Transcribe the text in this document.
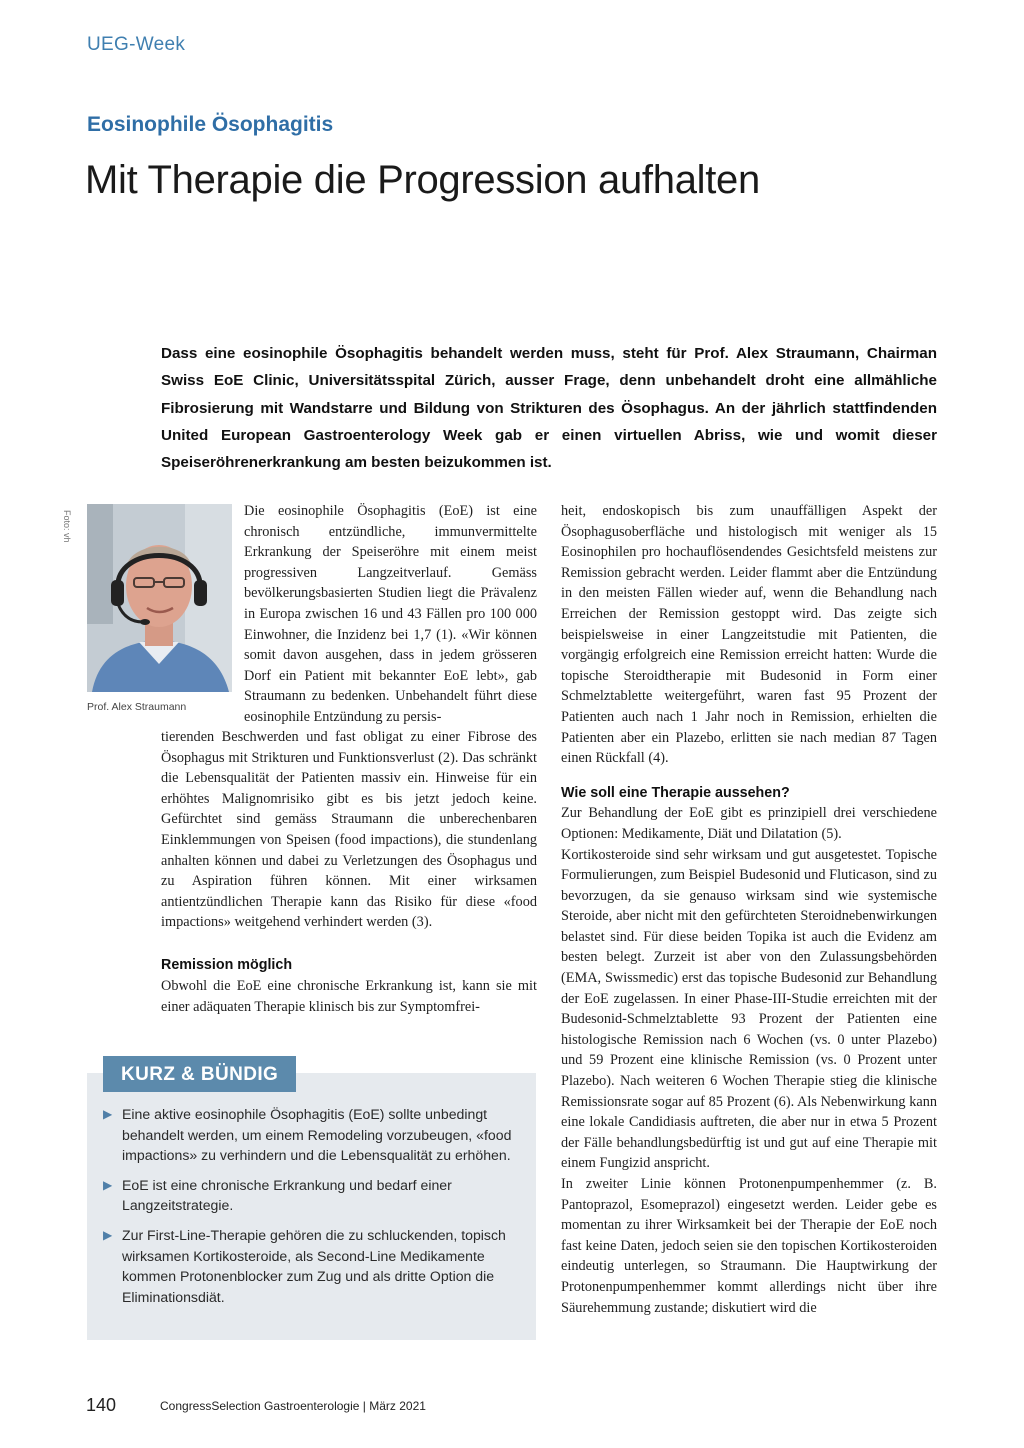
UEG-Week
Eosinophile Ösophagitis
Mit Therapie die Progression aufhalten
Dass eine eosinophile Ösophagitis behandelt werden muss, steht für Prof. Alex Straumann, Chairman Swiss EoE Clinic, Universitätsspital Zürich, ausser Frage, denn unbehandelt droht eine allmähliche Fibrosierung mit Wandstarre und Bildung von Strikturen des Ösophagus. An der jährlich stattfindenden United European Gastroenterology Week gab er einen virtuellen Abriss, wie und womit dieser Speiseröhrenerkrankung am besten beizukommen ist.
Foto: vh
Prof. Alex Straumann

Die eosinophile Ösophagitis (EoE) ist eine chronisch entzündliche, immunvermittelte Erkrankung der Speiseröhre mit einem meist progressiven Langzeitverlauf. Gemäss bevölkerungsbasierten Studien liegt die Prävalenz in Europa zwischen 16 und 43 Fällen pro 100 000 Einwohner, die Inzidenz bei 1,7 (1). «Wir können somit davon ausgehen, dass in jedem grösseren Dorf ein Patient mit bekannter EoE lebt», gab Straumann zu bedenken. Unbehandelt führt diese eosinophile Entzündung zu persis-

tierenden Beschwerden und fast obligat zu einer Fibrose des Ösophagus mit Strikturen und Funktionsverlust (2). Das schränkt die Lebensqualität der Patienten massiv ein. Hinweise für ein erhöhtes Malignomrisiko gibt es bis jetzt jedoch keine. Gefürchtet sind gemäss Straumann die unberechenbaren Einklemmungen von Speisen (food impactions), die stundenlang anhalten können und dabei zu Verletzungen des Ösophagus und zu Aspiration führen können. Mit einer wirksamen antientzündlichen Therapie kann das Risiko für diese «food impactions» weitgehend verhindert werden (3).

Remission möglich

Obwohl die EoE eine chronische Erkrankung ist, kann sie mit einer adäquaten Therapie klinisch bis zur Symptomfrei-

heit, endoskopisch bis zum unauffälligen Aspekt der Ösophagusoberfläche und histologisch mit weniger als 15 Eosinophilen pro hochauflösendendes Gesichtsfeld meistens zur Remission gebracht werden. Leider flammt aber die Entzündung in den meisten Fällen wieder auf, wenn die Behandlung nach Erreichen der Remission gestoppt wird. Das zeigte sich beispielsweise in einer Langzeitstudie mit Patienten, die vorgängig erfolgreich eine Remission erreicht hatten: Wurde die topische Steroidtherapie mit Budesonid in Form einer Schmelztablette weitergeführt, waren fast 95 Prozent der Patienten auch nach 1 Jahr noch in Remission, erhielten die Patienten aber ein Plazebo, erlitten sie nach median 87 Tagen einen Rückfall (4).

Wie soll eine Therapie aussehen?

Zur Behandlung der EoE gibt es prinzipiell drei verschiedene Optionen: Medikamente, Diät und Dilatation (5).

Kortikosteroide sind sehr wirksam und gut ausgetestet. Topische Formulierungen, zum Beispiel Budesonid und Fluticason, sind zu bevorzugen, da sie genauso wirksam sind wie systemische Steroide, aber nicht mit den gefürchteten Steroidnebenwirkungen belastet sind. Für diese beiden Topika ist auch die Evidenz am besten belegt. Zurzeit ist aber von den Zulassungsbehörden (EMA, Swissmedic) erst das topische Budesonid zur Behandlung der EoE zugelassen. In einer Phase-III-Studie erreichten mit der Budesonid-Schmelztablette 93 Prozent der Patienten eine histologische Remission nach 6 Wochen (vs. 0 unter Plazebo) und 59 Prozent eine klinische Remission (vs. 0 Prozent unter Plazebo). Nach weiteren 6 Wochen Therapie stieg die klinische Remissionsrate sogar auf 85 Prozent (6). Als Nebenwirkung kann eine lokale Candidiasis auftreten, die aber nur in etwa 5 Prozent der Fälle behandlungsbedürftig ist und gut auf eine Therapie mit einem Fungizid anspricht.

In zweiter Linie können Protonenpumpenhemmer (z. B. Pantoprazol, Esomeprazol) eingesetzt werden. Leider gebe es momentan zu ihrer Wirksamkeit bei der Therapie der EoE noch fast keine Daten, jedoch seien sie den topischen Kortikosteroiden eindeutig unterlegen, so Straumann. Die Hauptwirkung der Protonenpumpenhemmer kommt allerdings nicht über ihre Säurehemmung zustande; diskutiert wird die

KURZ & BÜNDIG
▶ Eine aktive eosinophile Ösophagitis (EoE) sollte unbedingt behandelt werden, um einem Remodeling vorzubeugen, «food impactions» zu verhindern und die Lebensqualität zu erhöhen.
▶ EoE ist eine chronische Erkrankung und bedarf einer Langzeitstrategie.
▶ Zur First-Line-Therapie gehören die zu schluckenden, topisch wirksamen Kortikosteroide, als Second-Line Medikamente kommen Protonenblocker zum Zug und als dritte Option die Eliminationsdiät.
140	CongressSelection Gastroenterologie | März 2021
